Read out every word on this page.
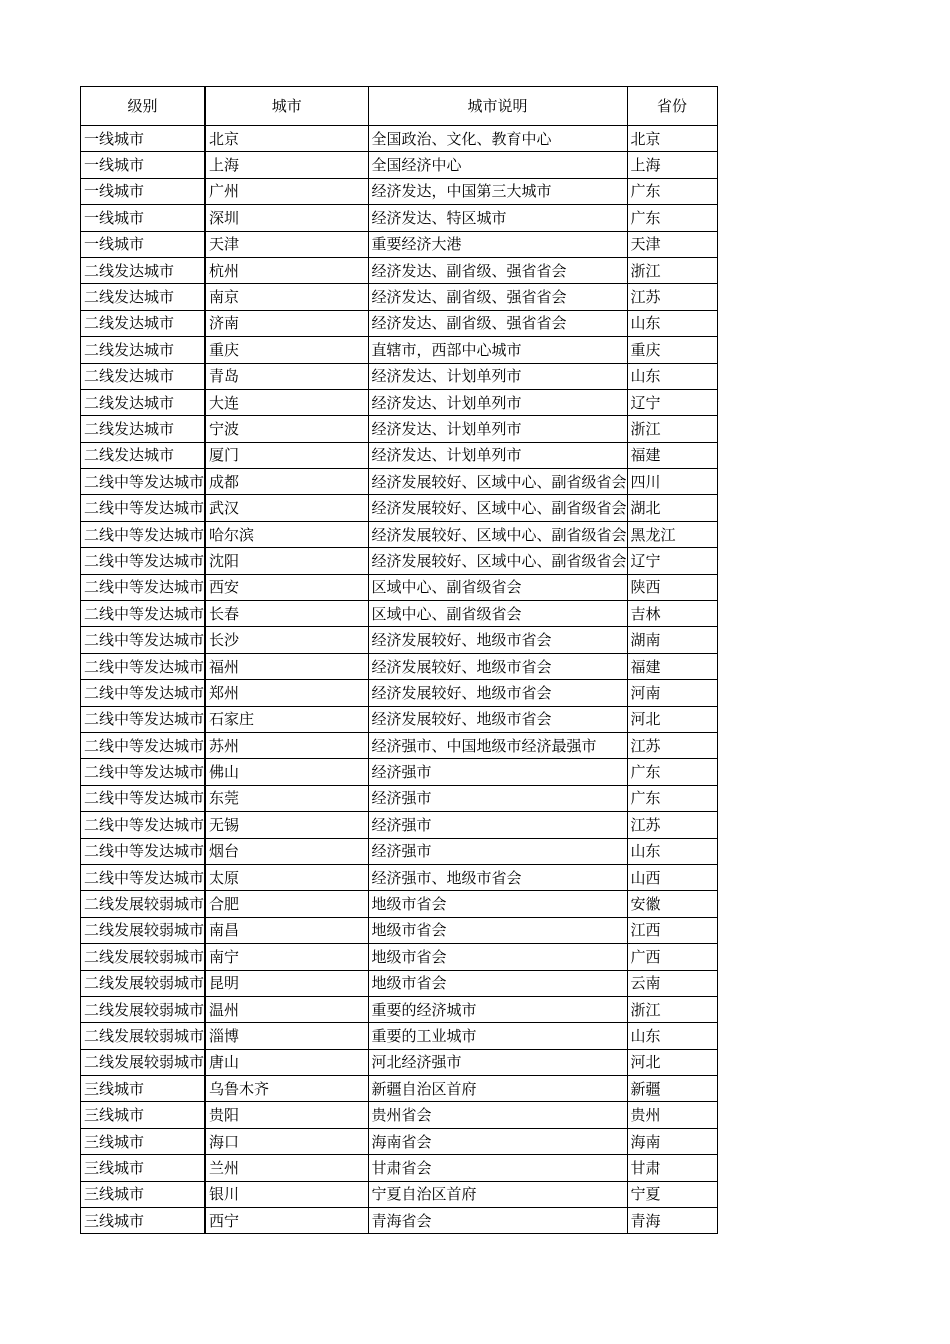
级别	城市	城市说明	省份
一线城市	北京	全国政治、文化、教育中心	北京
一线城市	上海	全国经济中心	上海
一线城市	广州	经济发达，中国第三大城市	广东
一线城市	深圳	经济发达、特区城市	广东
一线城市	天津	重要经济大港	天津
二线发达城市	杭州	经济发达、副省级、强省省会	浙江
二线发达城市	南京	经济发达、副省级、强省省会	江苏
二线发达城市	济南	经济发达、副省级、强省省会	山东
二线发达城市	重庆	直辖市，西部中心城市	重庆
二线发达城市	青岛	经济发达、计划单列市	山东
二线发达城市	大连	经济发达、计划单列市	辽宁
二线发达城市	宁波	经济发达、计划单列市	浙江
二线发达城市	厦门	经济发达、计划单列市	福建
二线中等发达城市	成都	经济发展较好、区域中心、副省级省会	四川
二线中等发达城市	武汉	经济发展较好、区域中心、副省级省会	湖北
二线中等发达城市	哈尔滨	经济发展较好、区域中心、副省级省会	黑龙江
二线中等发达城市	沈阳	经济发展较好、区域中心、副省级省会	辽宁
二线中等发达城市	西安	区域中心、副省级省会	陕西
二线中等发达城市	长春	区域中心、副省级省会	吉林
二线中等发达城市	长沙	经济发展较好、地级市省会	湖南
二线中等发达城市	福州	经济发展较好、地级市省会	福建
二线中等发达城市	郑州	经济发展较好、地级市省会	河南
二线中等发达城市	石家庄	经济发展较好、地级市省会	河北
二线中等发达城市	苏州	经济强市、中国地级市经济最强市	江苏
二线中等发达城市	佛山	经济强市	广东
二线中等发达城市	东莞	经济强市	广东
二线中等发达城市	无锡	经济强市	江苏
二线中等发达城市	烟台	经济强市	山东
二线中等发达城市	太原	经济强市、地级市省会	山西
二线发展较弱城市	合肥	地级市省会	安徽
二线发展较弱城市	南昌	地级市省会	江西
二线发展较弱城市	南宁	地级市省会	广西
二线发展较弱城市	昆明	地级市省会	云南
二线发展较弱城市	温州	重要的经济城市	浙江
二线发展较弱城市	淄博	重要的工业城市	山东
二线发展较弱城市	唐山	河北经济强市	河北
三线城市	乌鲁木齐	新疆自治区首府	新疆
三线城市	贵阳	贵州省会	贵州
三线城市	海口	海南省会	海南
三线城市	兰州	甘肃省会	甘肃
三线城市	银川	宁夏自治区首府	宁夏
三线城市	西宁	青海省会	青海
